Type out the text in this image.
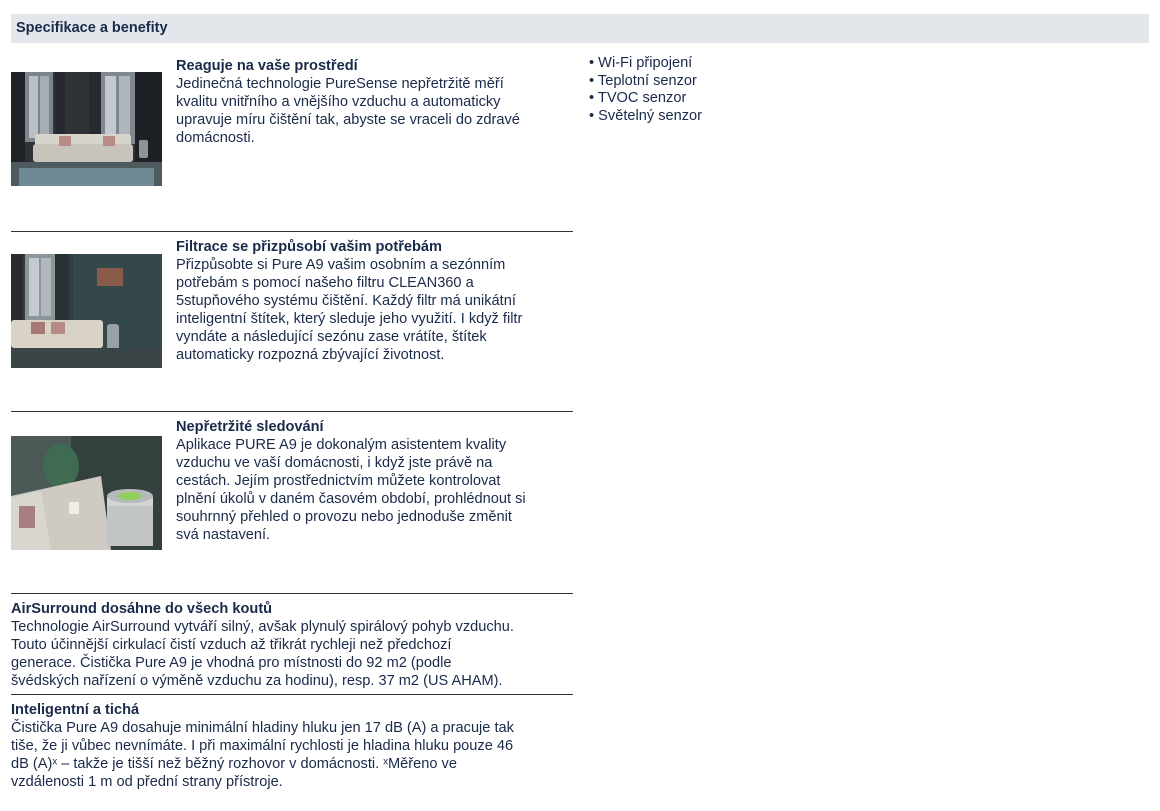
Specifikace a benefity
Reaguje na vaše prostředí
Jedinečná technologie PureSense nepřetržitě měří
kvalitu vnitřního a vnějšího vzduchu a automaticky
upravuje míru čištění tak, abyste se vraceli do zdravé
domácnosti.
Filtrace se přizpůsobí vašim potřebám
Přizpůsobte si Pure A9 vašim osobním a sezónním
potřebám s pomocí našeho filtru CLEAN360 a
5stupňového systému čištění. Každý filtr má unikátní
inteligentní štítek, který sleduje jeho využití. I když filtr
vyndáte a následující sezónu zase vrátíte, štítek
automaticky rozpozná zbývající životnost.
Nepřetržité sledování
Aplikace PURE A9 je dokonalým asistentem kvality
vzduchu ve vaší domácnosti, i když jste právě na
cestách. Jejím prostřednictvím můžete kontrolovat
plnění úkolů v daném časovém období, prohlédnout si
souhrnný přehled o provozu nebo jednoduše změnit
svá nastavení.
AirSurround dosáhne do všech koutů
Technologie AirSurround vytváří silný, avšak plynulý spirálový pohyb vzduchu.
Touto účinnější cirkulací čistí vzduch až třikrát rychleji než předchozí
generace. Čistička Pure A9 je vhodná pro místnosti do 92 m2 (podle
švédských nařízení o výměně vzduchu za hodinu), resp. 37 m2 (US AHAM).
Inteligentní a tichá
Čistička Pure A9 dosahuje minimální hladiny hluku jen 17 dB (A) a pracuje tak
tiše, že ji vůbec nevnímáte. I při maximální rychlosti je hladina hluku pouze 46
dB (A)ˣ – takže je tišší než běžný rozhovor v domácnosti. ˣMěřeno ve
vzdálenosti 1 m od přední strany přístroje.
• Wi-Fi připojení
• Teplotní senzor
• TVOC senzor
• Světelný senzor
